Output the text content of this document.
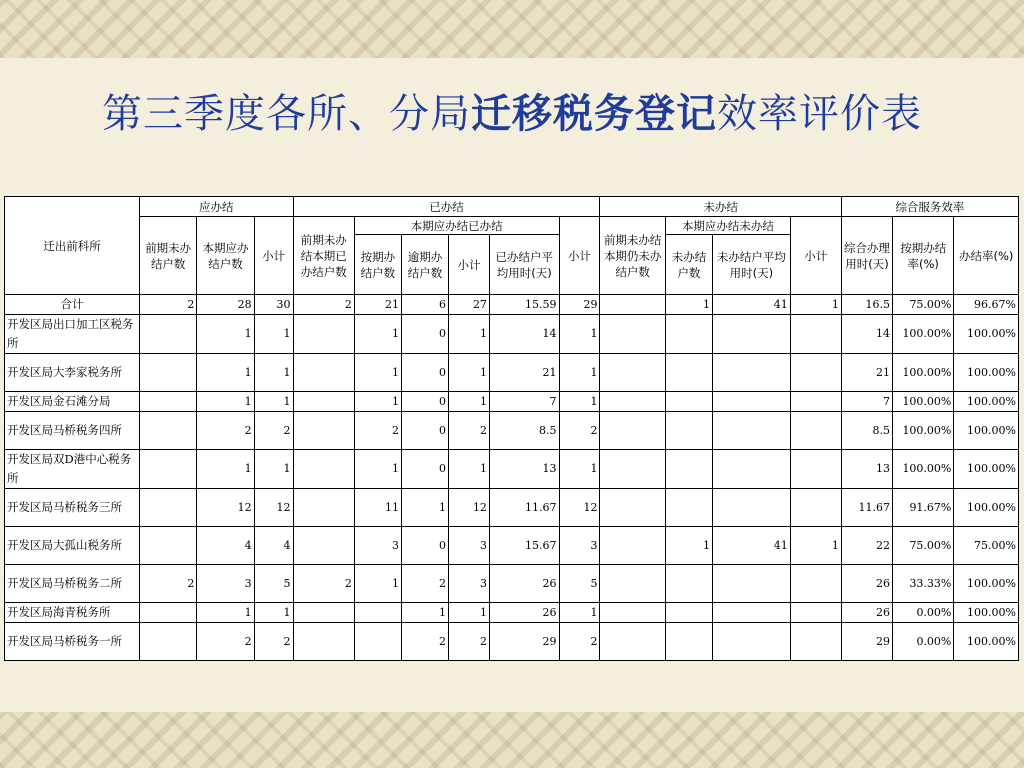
第三季度各所、分局迁移税务登记效率评价表
迁出前科所	应办结			已办结						未办结				综合服务效率		
	前期未办结户数	本期应办结户数	小计	前期未办结本期已办结户数	本期应办结已办结				小计	前期未办结本期仍未办结户数	本期应办结未办结		小计	综合办理用时(天)	按期办结率(%)	办结率(%)
					按期办结户数	逾期办结户数	小计	已办结户平均用时(天)			未办结户数	未办结户平均用时(天)				
合计	2	28	30	2	21	6	27	15.59	29		1	41	1	16.5	75.00%	96.67%
开发区局出口加工区税务所		1	1		1	0	1	14	1					14	100.00%	100.00%
开发区局大李家税务所		1	1		1	0	1	21	1					21	100.00%	100.00%
开发区局金石滩分局		1	1		1	0	1	7	1					7	100.00%	100.00%
开发区局马桥税务四所		2	2		2	0	2	8.5	2					8.5	100.00%	100.00%
开发区局双D港中心税务所		1	1		1	0	1	13	1					13	100.00%	100.00%
开发区局马桥税务三所		12	12		11	1	12	11.67	12					11.67	91.67%	100.00%
开发区局大孤山税务所		4	4		3	0	3	15.67	3		1	41	1	22	75.00%	75.00%
开发区局马桥税务二所	2	3	5	2	1	2	3	26	5					26	33.33%	100.00%
开发区局海青税务所		1	1			1	1	26	1					26	0.00%	100.00%
开发区局马桥税务一所		2	2			2	2	29	2					29	0.00%	100.00%
